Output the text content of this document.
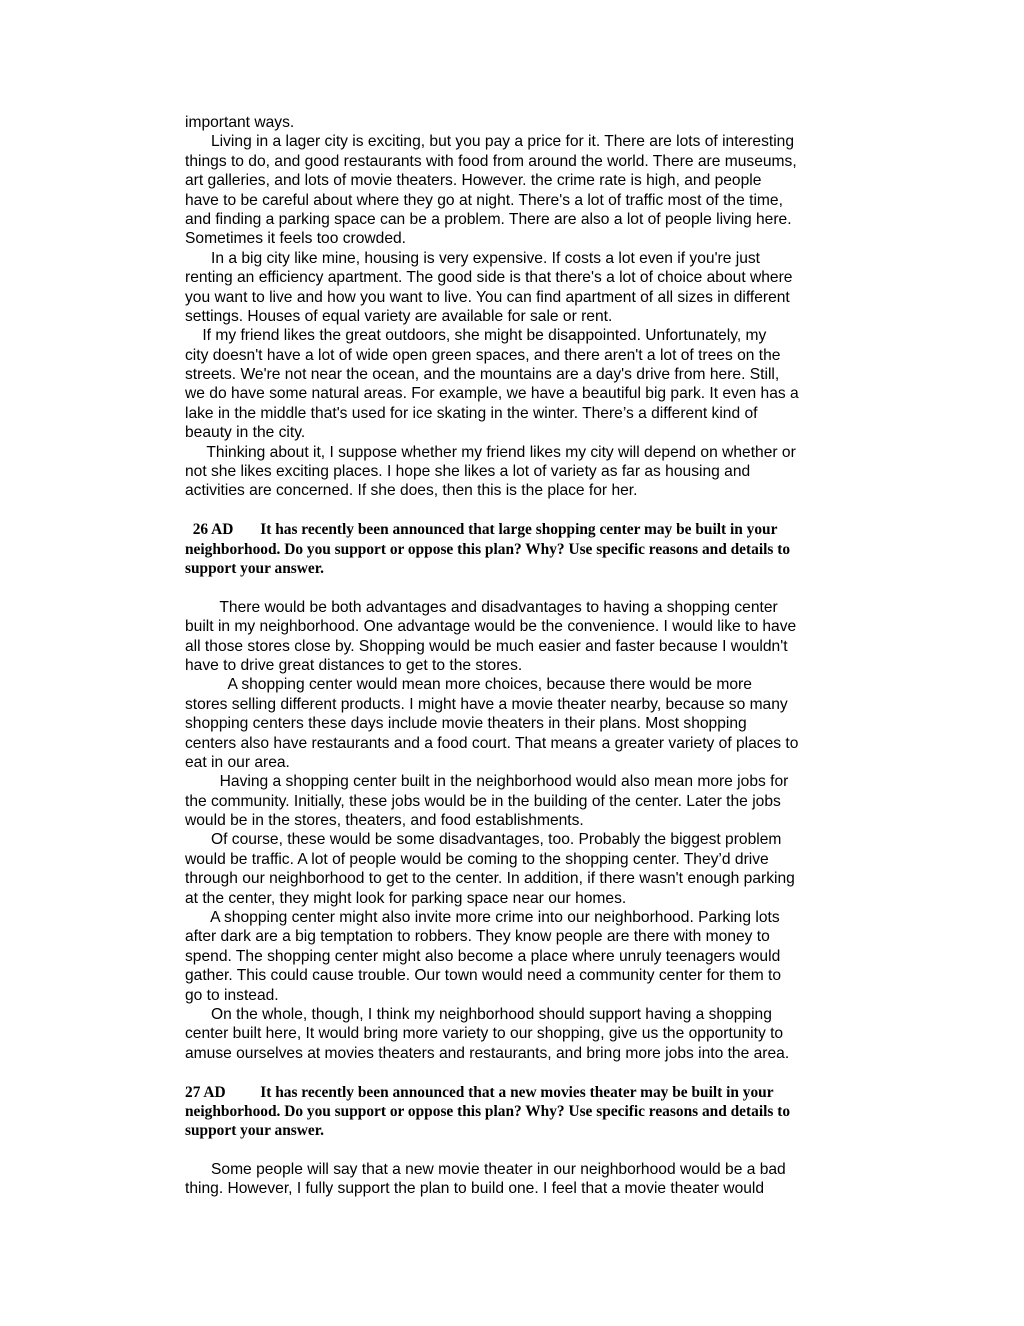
important ways.
Living in a lager city is exciting, but you pay a price for it. There are lots of interesting
things to do, and good restaurants with food from around the world. There are museums,
art galleries, and lots of movie theaters. However. the crime rate is high, and people
have to be careful about where they go at night. There's a lot of traffic most of the time,
and finding a parking space can be a problem. There are also a lot of people living here.
Sometimes it feels too crowded.
In a big city like mine, housing is very expensive. If costs a lot even if you're just
renting an efficiency apartment. The good side is that there's a lot of choice about where
you want to live and how you want to live. You can find apartment of all sizes in different
settings. Houses of equal variety are available for sale or rent.
If my friend likes the great outdoors, she might be disappointed. Unfortunately, my
city doesn't have a lot of wide open green spaces, and there aren't a lot of trees on the
streets. We're not near the ocean, and the mountains are a day's drive from here. Still,
we do have some natural areas. For example, we have a beautiful big park. It even has a
lake in the middle that's used for ice skating in the winter. There’s a different kind of
beauty in the city.
Thinking about it, I suppose whether my friend likes my city will depend on whether or
not she likes exciting places. I hope she likes a lot of variety as far as housing and
activities are concerned. If she does, then this is the place for her.
26 AD       It has recently been announced that large shopping center may be built in your
neighborhood. Do you support or oppose this plan? Why? Use specific reasons and details to
support your answer.
There would be both advantages and disadvantages to having a shopping center
built in my neighborhood. One advantage would be the convenience. I would like to have
all those stores close by. Shopping would be much easier and faster because I wouldn't
have to drive great distances to get to the stores.
A shopping center would mean more choices, because there would be more
stores selling different products. I might have a movie theater nearby, because so many
shopping centers these days include movie theaters in their plans. Most shopping
centers also have restaurants and a food court. That means a greater variety of places to
eat in our area.
Having a shopping center built in the neighborhood would also mean more jobs for
the community. Initially, these jobs would be in the building of the center. Later the jobs
would be in the stores, theaters, and food establishments.
Of course, these would be some disadvantages, too. Probably the biggest problem
would be traffic. A lot of people would be coming to the shopping center. They’d drive
through our neighborhood to get to the center. In addition, if there wasn't enough parking
at the center, they might look for parking space near our homes.
A shopping center might also invite more crime into our neighborhood. Parking lots
after dark are a big temptation to robbers. They know people are there with money to
spend. The shopping center might also become a place where unruly teenagers would
gather. This could cause trouble. Our town would need a community center for them to
go to instead.
On the whole, though, I think my neighborhood should support having a shopping
center built here, It would bring more variety to our shopping, give us the opportunity to
amuse ourselves at movies theaters and restaurants, and bring more jobs into the area.
27 AD         It has recently been announced that a new movies theater may be built in your
neighborhood. Do you support or oppose this plan? Why? Use specific reasons and details to
support your answer.
Some people will say that a new movie theater in our neighborhood would be a bad
thing. However, I fully support the plan to build one. I feel that a movie theater would
